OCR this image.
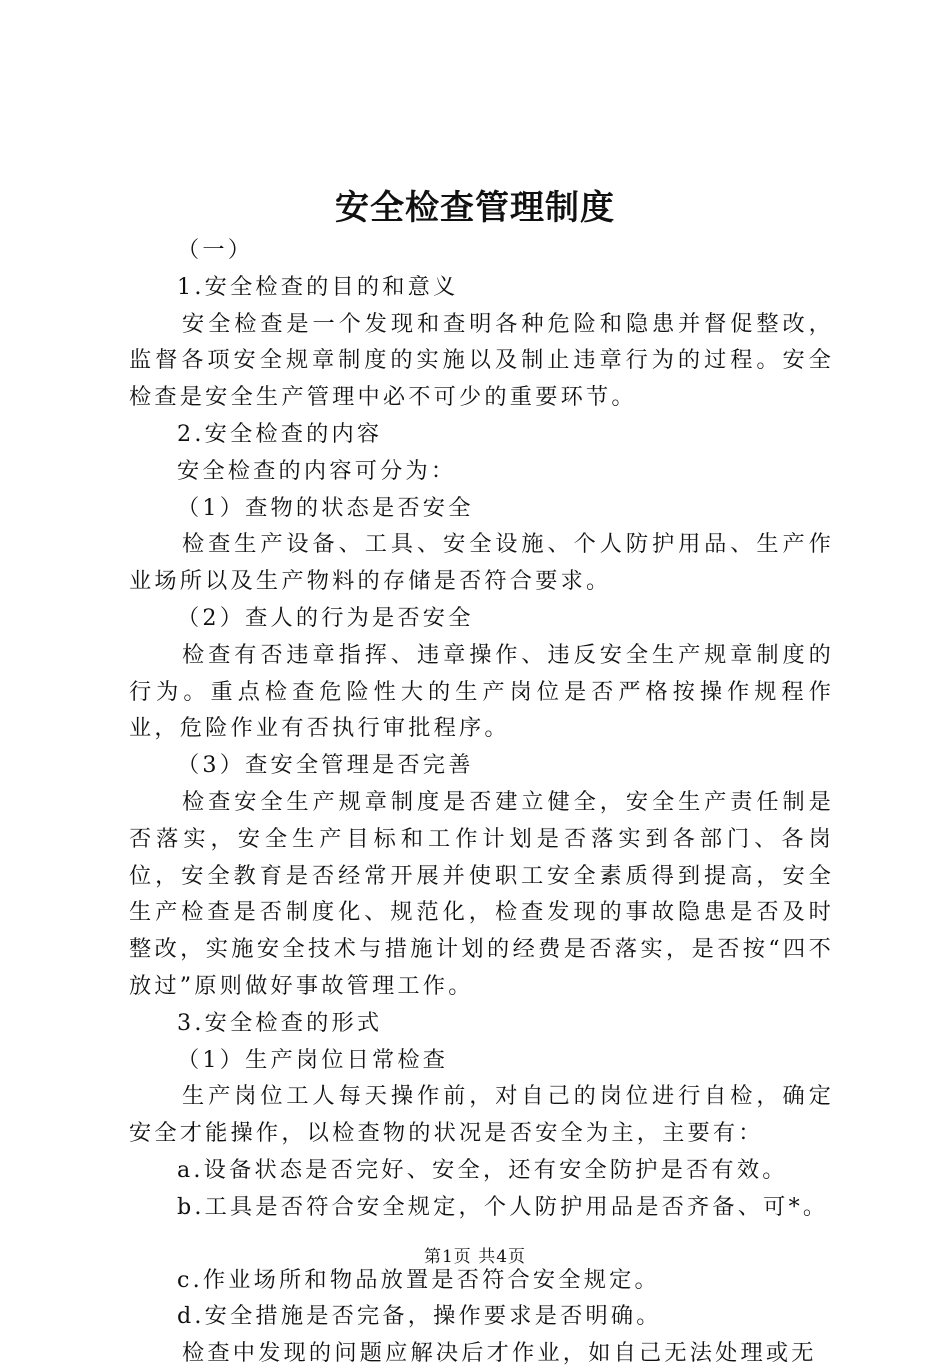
安全检查管理制度

（一）

1.安全检查的目的和意义

安全检查是一个发现和查明各种危险和隐患并督促整改，监督各项安全规章制度的实施以及制止违章行为的过程。安全检查是安全生产管理中必不可少的重要环节。

2.安全检查的内容

安全检查的内容可分为：

（1）查物的状态是否安全

检查生产设备、工具、安全设施、个人防护用品、生产作业场所以及生产物料的存储是否符合要求。

（2）查人的行为是否安全

检查有否违章指挥、违章操作、违反安全生产规章制度的行为。重点检查危险性大的生产岗位是否严格按操作规程作业，危险作业有否执行审批程序。

（3）查安全管理是否完善

检查安全生产规章制度是否建立健全，安全生产责任制是否落实，安全生产目标和工作计划是否落实到各部门、各岗位，安全教育是否经常开展并使职工安全素质得到提高，安全生产检查是否制度化、规范化，检查发现的事故隐患是否及时整改，实施安全技术与措施计划的经费是否落实，是否按“四不放过”原则做好事故管理工作。

3.安全检查的形式

（1）生产岗位日常检查

生产岗位工人每天操作前，对自己的岗位进行自检，确定安全才能操作，以检查物的状况是否安全为主，主要有：

a.设备状态是否完好、安全，还有安全防护是否有效。

b.工具是否符合安全规定，个人防护用品是否齐备、可*。

c.作业场所和物品放置是否符合安全规定。

d.安全措施是否完备，操作要求是否明确。

检查中发现的问题应解决后才作业，如自己无法处理或无

第1页 共4页
